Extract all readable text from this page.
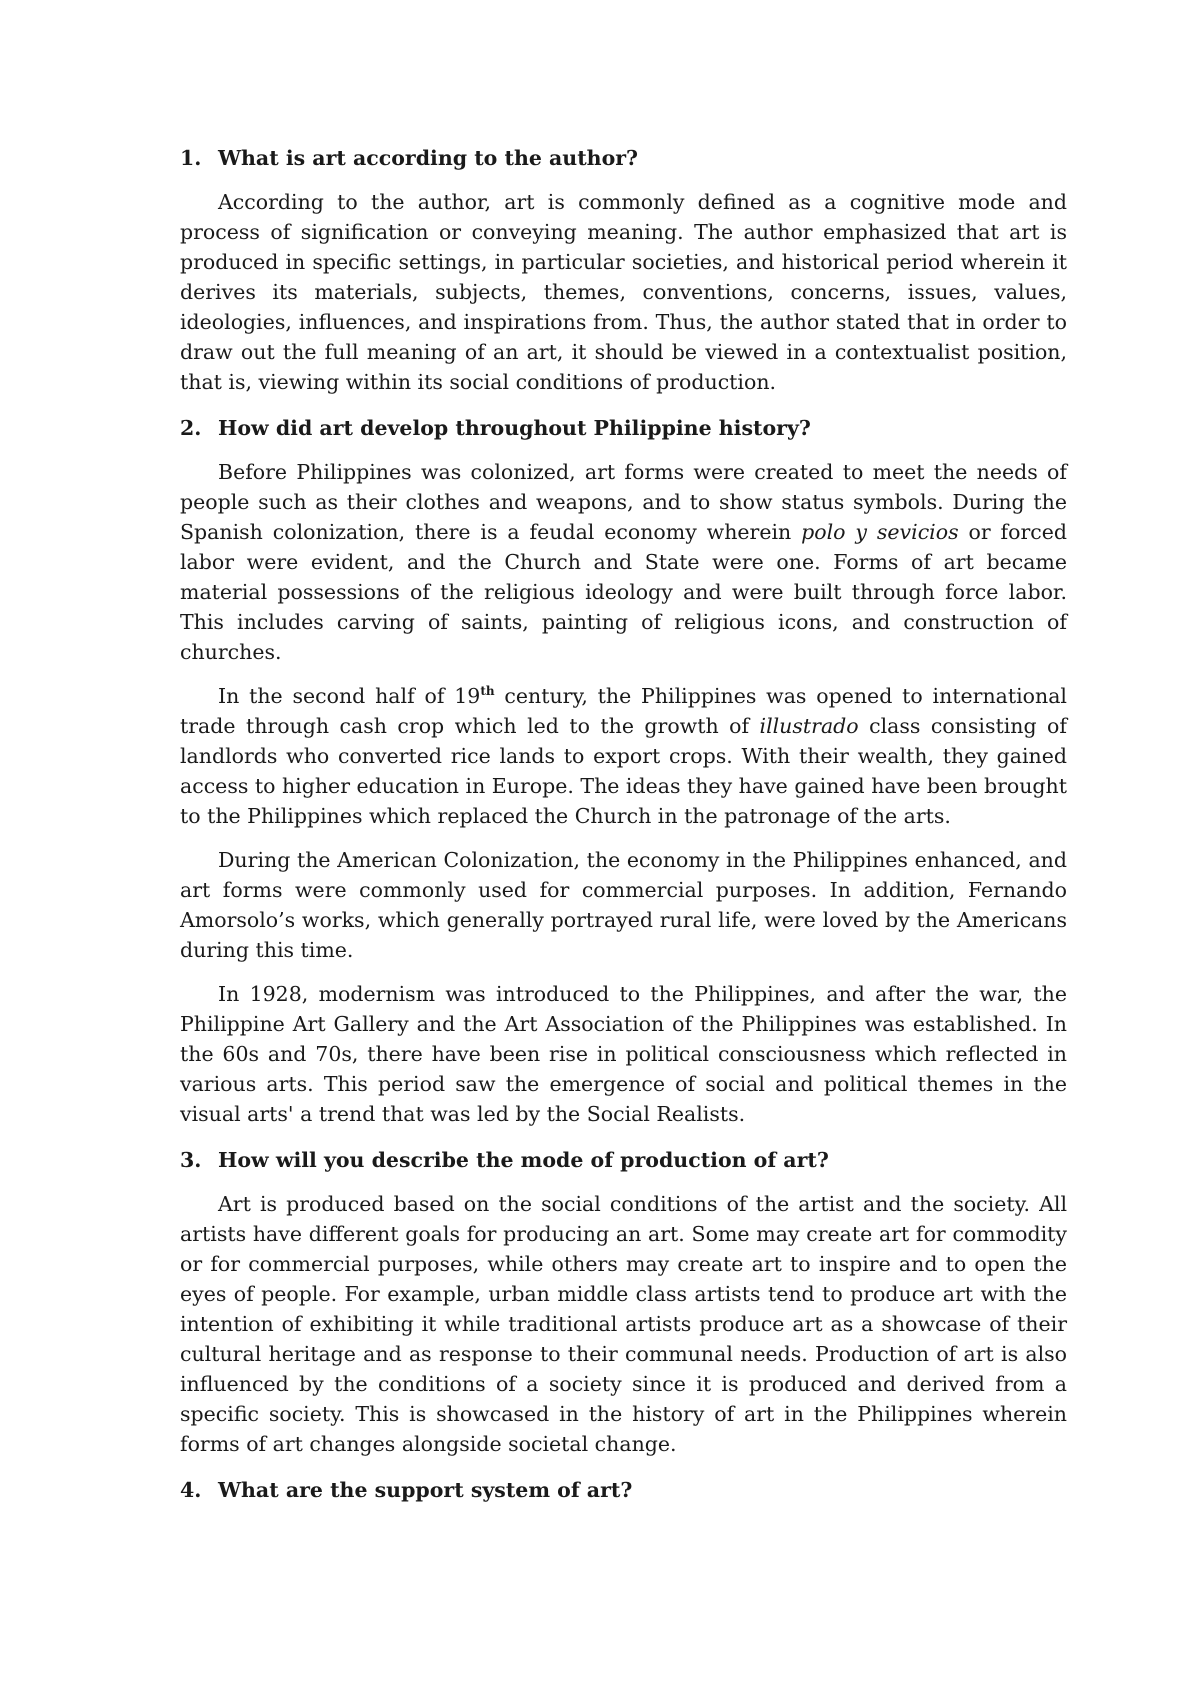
1. What is art according to the author?

According to the author, art is commonly defined as a cognitive mode and process of signification or conveying meaning. The author emphasized that art is produced in specific settings, in particular societies, and historical period wherein it derives its materials, subjects, themes, conventions, concerns, issues, values, ideologies, influences, and inspirations from. Thus, the author stated that in order to draw out the full meaning of an art, it should be viewed in a contextualist position, that is, viewing within its social conditions of production.

2. How did art develop throughout Philippine history?

Before Philippines was colonized, art forms were created to meet the needs of people such as their clothes and weapons, and to show status symbols. During the Spanish colonization, there is a feudal economy wherein polo y sevicios or forced labor were evident, and the Church and State were one. Forms of art became material possessions of the religious ideology and were built through force labor. This includes carving of saints, painting of religious icons, and construction of churches.

In the second half of 19th century, the Philippines was opened to international trade through cash crop which led to the growth of illustrado class consisting of landlords who converted rice lands to export crops. With their wealth, they gained access to higher education in Europe. The ideas they have gained have been brought to the Philippines which replaced the Church in the patronage of the arts.

During the American Colonization, the economy in the Philippines enhanced, and art forms were commonly used for commercial purposes. In addition, Fernando Amorsolo’s works, which generally portrayed rural life, were loved by the Americans during this time.

In 1928, modernism was introduced to the Philippines, and after the war, the Philippine Art Gallery and the Art Association of the Philippines was established. In the 60s and 70s, there have been rise in political consciousness which reflected in various arts. This period saw the emergence of social and political themes in the visual arts' a trend that was led by the Social Realists.

3. How will you describe the mode of production of art?

Art is produced based on the social conditions of the artist and the society. All artists have different goals for producing an art. Some may create art for commodity or for commercial purposes, while others may create art to inspire and to open the eyes of people. For example, urban middle class artists tend to produce art with the intention of exhibiting it while traditional artists produce art as a showcase of their cultural heritage and as response to their communal needs. Production of art is also influenced by the conditions of a society since it is produced and derived from a specific society. This is showcased in the history of art in the Philippines wherein forms of art changes alongside societal change.

4. What are the support system of art?
